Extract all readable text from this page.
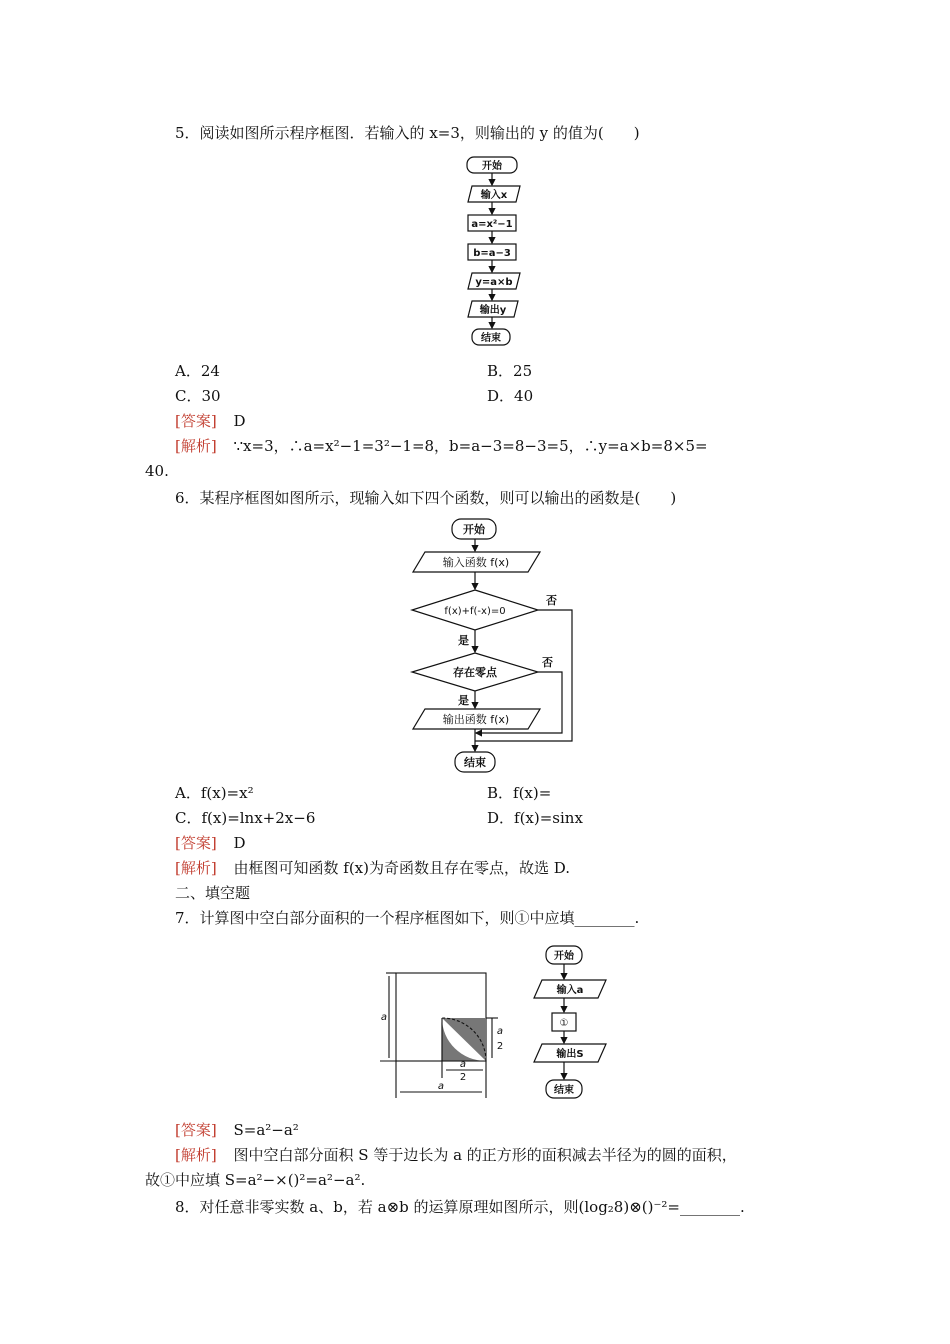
5．阅读如图所示程序框图．若输入的 x=3，则输出的 y 的值为(　　)
开始
输入x
a=x²−1
b=a−3
y=a×b
输出y
结束
A．24	B．25
C．30	D．40
[答案] D
[解析] ∵x=3，∴a=x²−1=3²−1=8，b=a−3=8−3=5，∴y=a×b=8×5=
40.
6．某程序框图如图所示，现输入如下四个函数，则可以输出的函数是(　　)
开始
输入函数 f(x)
f(x)+f(-x)=0
存在零点
输出函数 f(x)
结束
是
否
是
否
A．f(x)=x²	B．f(x)=
C．f(x)=lnx+2x−6	D．f(x)=sinx
[答案] D
[解析] 由框图可知函数 f(x)为奇函数且存在零点，故选 D.
二、填空题
7．计算图中空白部分面积的一个程序框图如下，则①中应填________.
a
a
a
2
a
2
开始
输入a
①
输出S
结束
[答案] S=a²−a²
[解析] 图中空白部分面积 S 等于边长为 a 的正方形的面积减去半径为的圆的面积，
故①中应填 S=a²−×()²=a²−a².
8．对任意非零实数 a、b，若 a⊗b 的运算原理如图所示，则(log₂8)⊗()⁻²=________.
